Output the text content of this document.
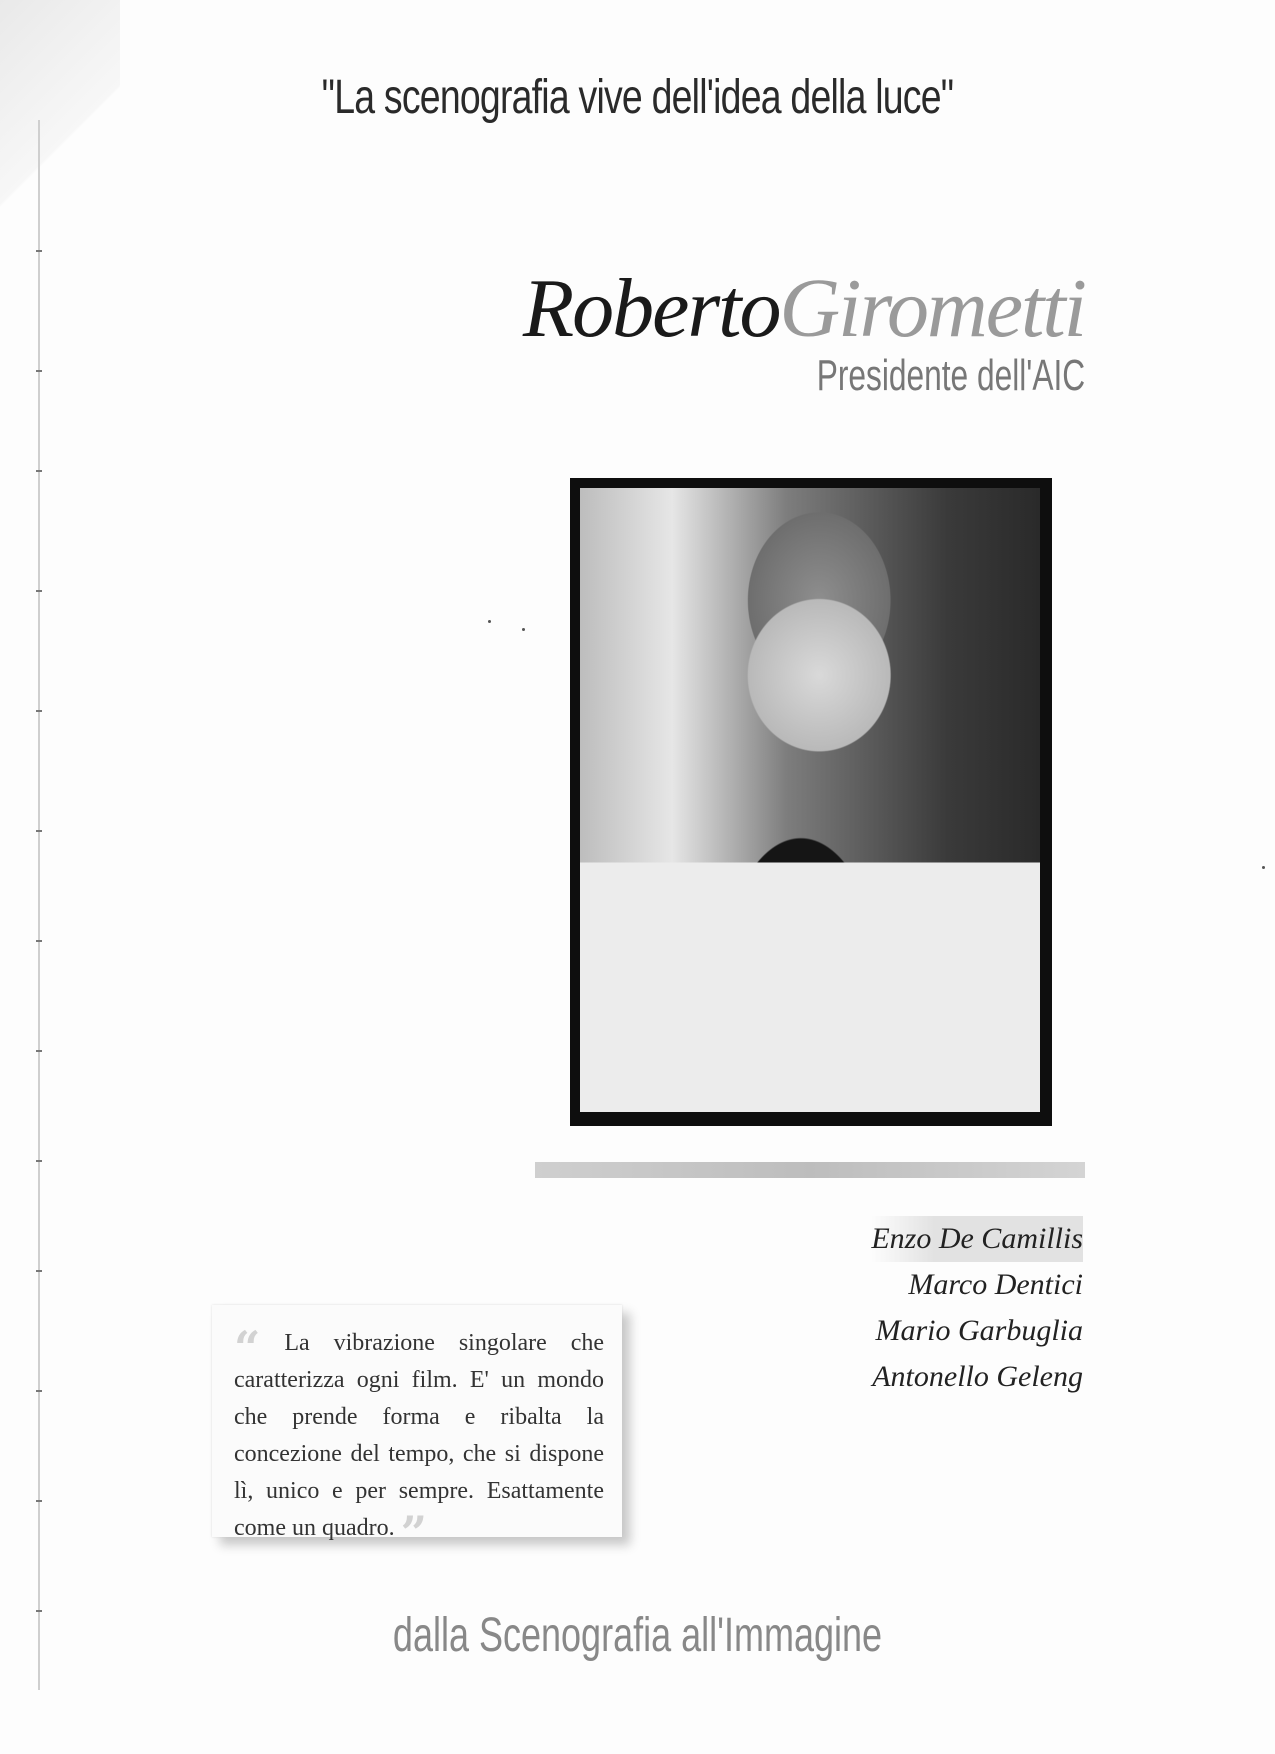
"La scenografia vive dell'idea della luce"
RobertoGirometti
Presidente dell'AIC
Enzo De Camillis
Marco Dentici
Mario Garbuglia
Antonello Geleng
“ La vibrazione singolare che caratterizza ogni film. E' un mondo che prende forma e ribalta la concezione del tempo, che si dispone lì, unico e per sempre. Esattamente come un quadro. ”
dalla Scenografia all'Immagine
